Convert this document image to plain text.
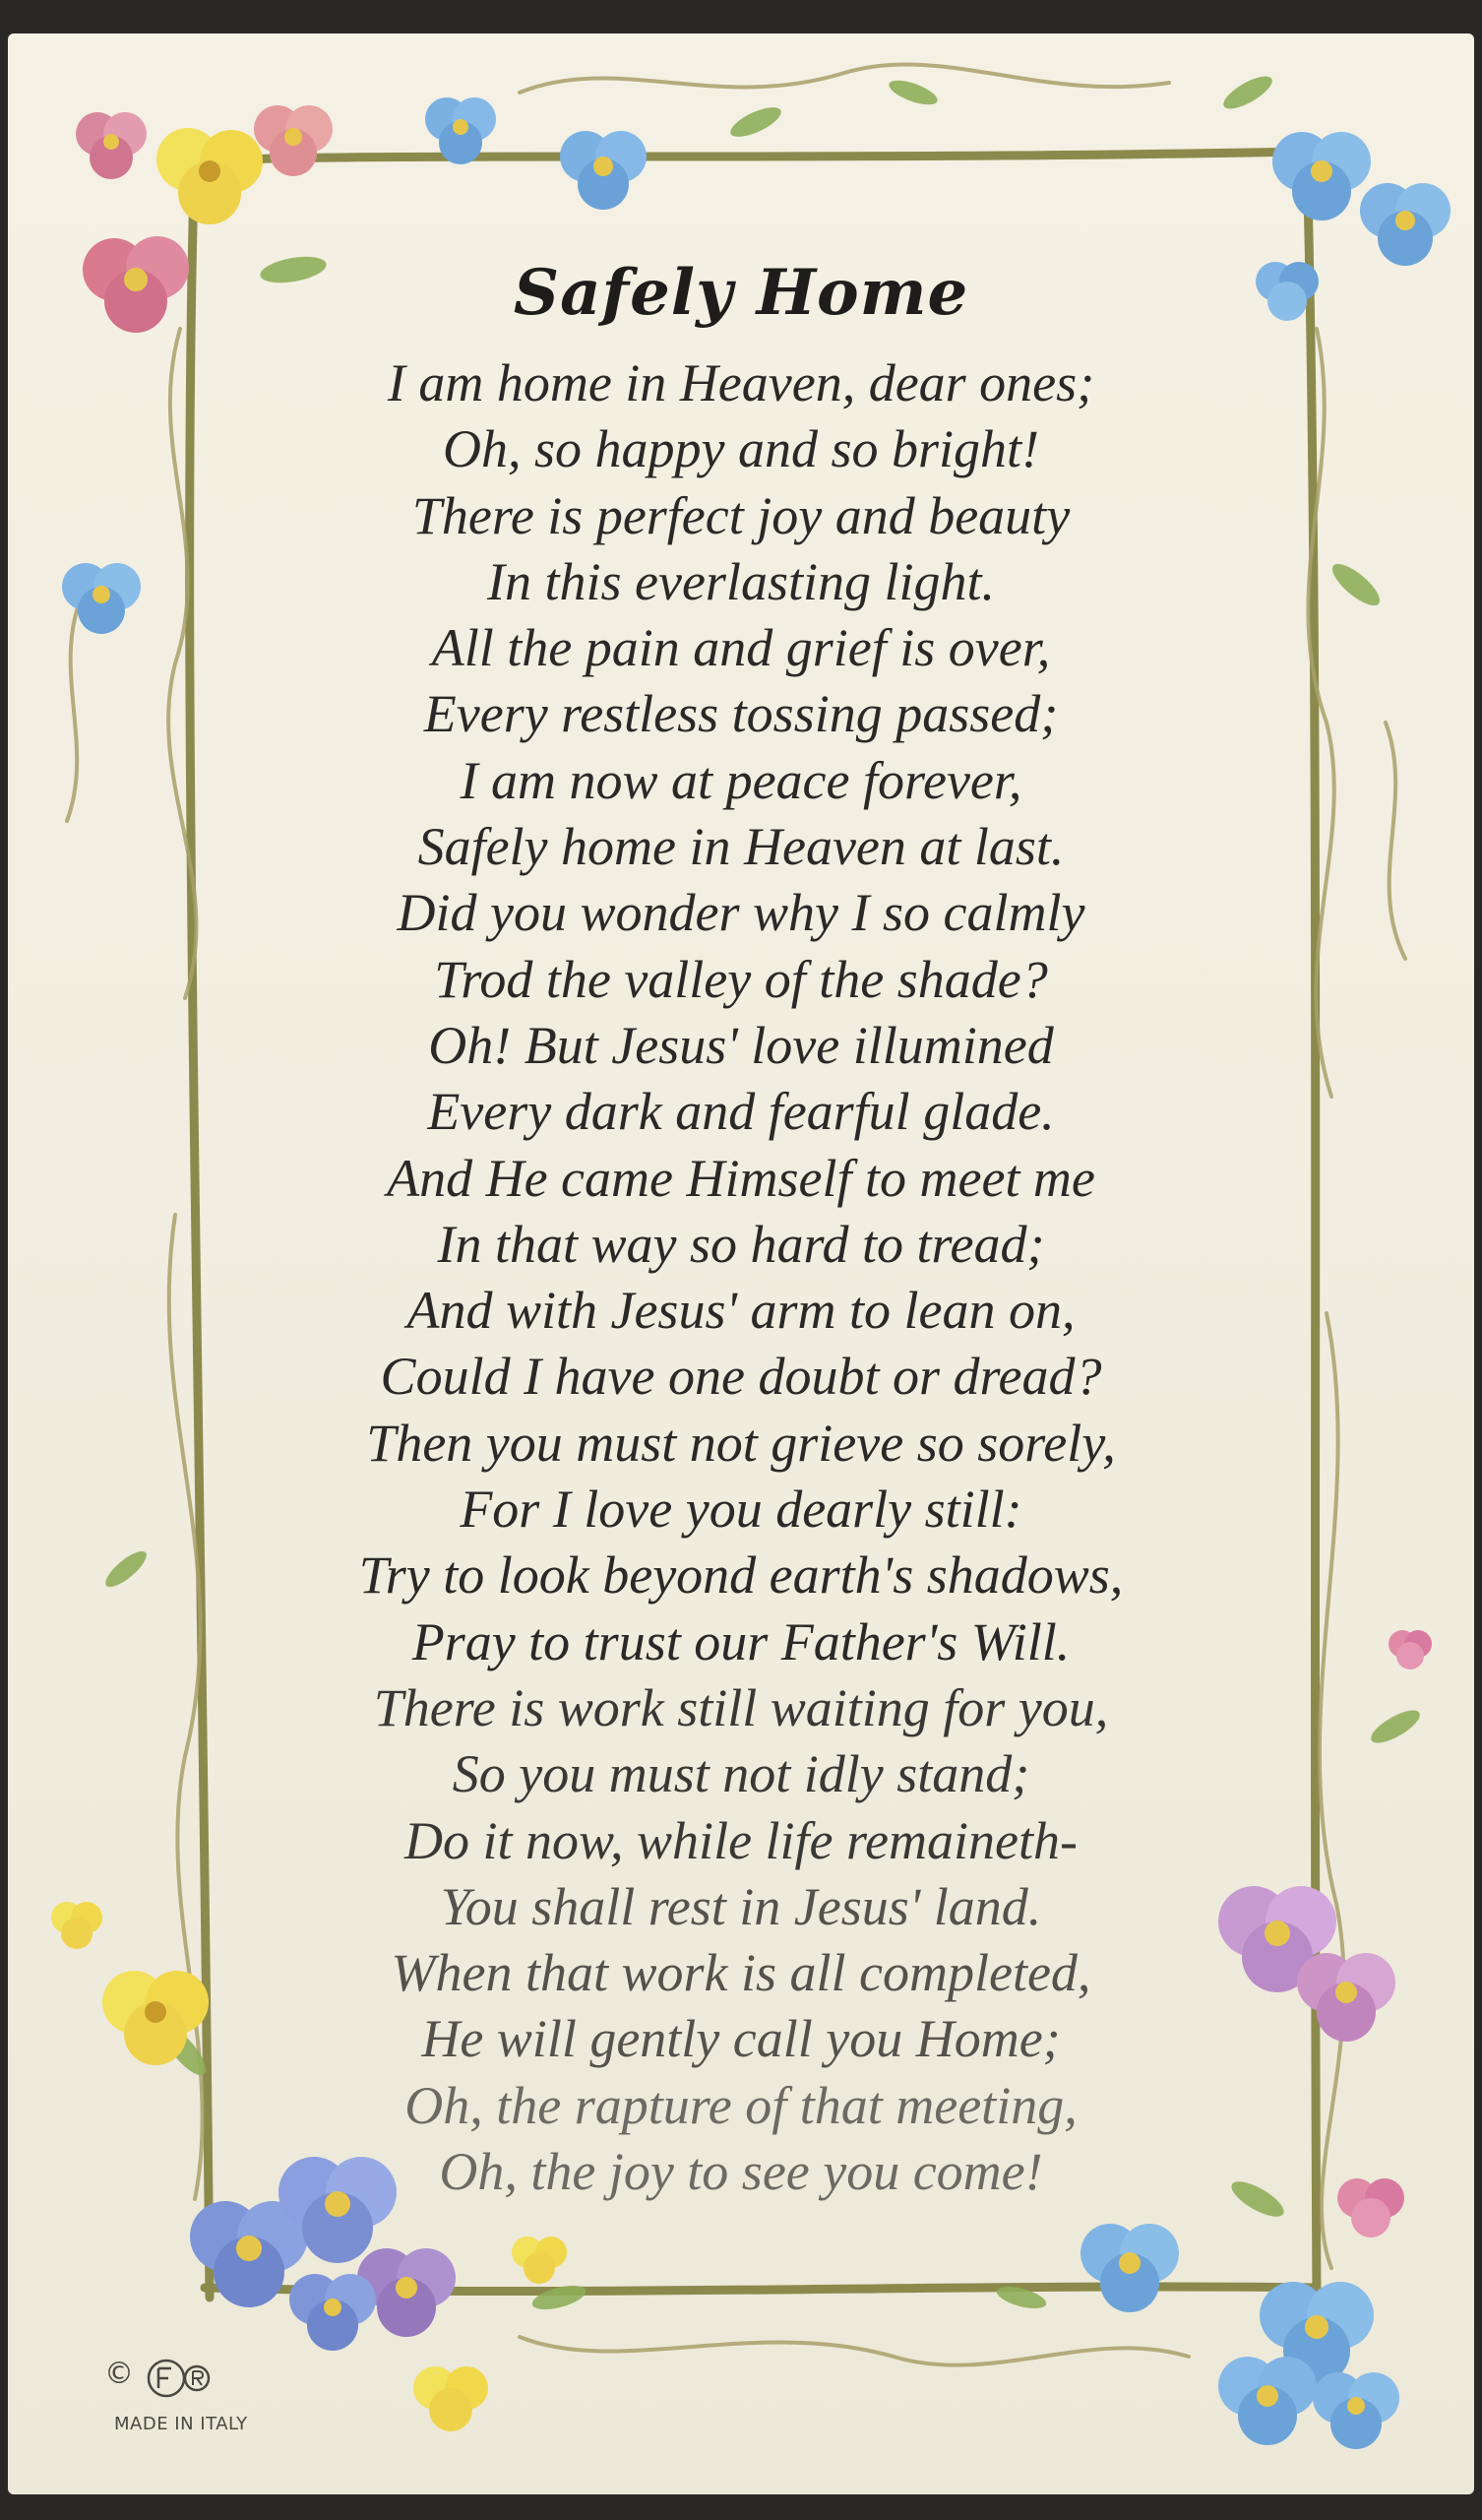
Safely Home
I am home in Heaven, dear ones;
Oh, so happy and so bright!
There is perfect joy and beauty
In this everlasting light.
All the pain and grief is over,
Every restless tossing passed;
I am now at peace forever,
Safely home in Heaven at last.
Did you wonder why I so calmly
Trod the valley of the shade?
Oh! But Jesus' love illumined
Every dark and fearful glade.
And He came Himself to meet me
In that way so hard to tread;
And with Jesus' arm to lean on,
Could I have one doubt or dread?
Then you must not grieve so sorely,
For I love you dearly still:
Try to look beyond earth's shadows,
Pray to trust our Father's Will.
There is work still waiting for you,
So you must not idly stand;
Do it now, while life remaineth-
You shall rest in Jesus' land.
When that work is all completed,
He will gently call you Home;
Oh, the rapture of that meeting,
Oh, the joy to see you come!
©
MADE IN ITALY
